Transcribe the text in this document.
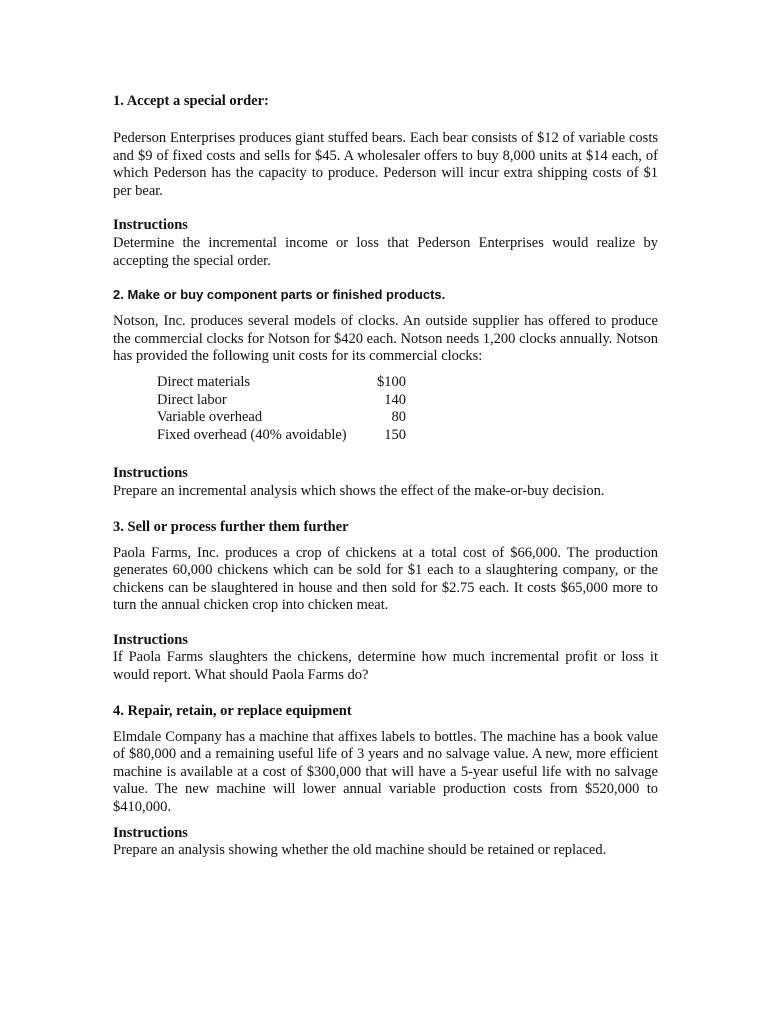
1. Accept a special order:

Pederson Enterprises produces giant stuffed bears. Each bear consists of $12 of variable costs and $9 of fixed costs and sells for $45. A wholesaler offers to buy 8,000 units at $14 each, of which Pederson has the capacity to produce. Pederson will incur extra shipping costs of $1 per bear.

Instructions

Determine the incremental income or loss that Pederson Enterprises would realize by accepting the special order.

2. Make or buy component parts or finished products.

Notson, Inc. produces several models of clocks. An outside supplier has offered to produce the commercial clocks for Notson for $420 each. Notson needs 1,200 clocks annually. Notson has provided the following unit costs for its commercial clocks:

Direct materials	$100
Direct labor	140
Variable overhead	80
Fixed overhead (40% avoidable)	150

Instructions

Prepare an incremental analysis which shows the effect of the make-or-buy decision.

3. Sell or process further them further

Paola Farms, Inc. produces a crop of chickens at a total cost of $66,000. The production generates 60,000 chickens which can be sold for $1 each to a slaughtering company, or the chickens can be slaughtered in house and then sold for $2.75 each. It costs $65,000 more to turn the annual chicken crop into chicken meat.

Instructions

If Paola Farms slaughters the chickens, determine how much incremental profit or loss it would report. What should Paola Farms do?

4. Repair, retain, or replace equipment

Elmdale Company has a machine that affixes labels to bottles. The machine has a book value of $80,000 and a remaining useful life of 3 years and no salvage value. A new, more efficient machine is available at a cost of $300,000 that will have a 5-year useful life with no salvage value. The new machine will lower annual variable production costs from $520,000 to $410,000.

Instructions

Prepare an analysis showing whether the old machine should be retained or replaced.
